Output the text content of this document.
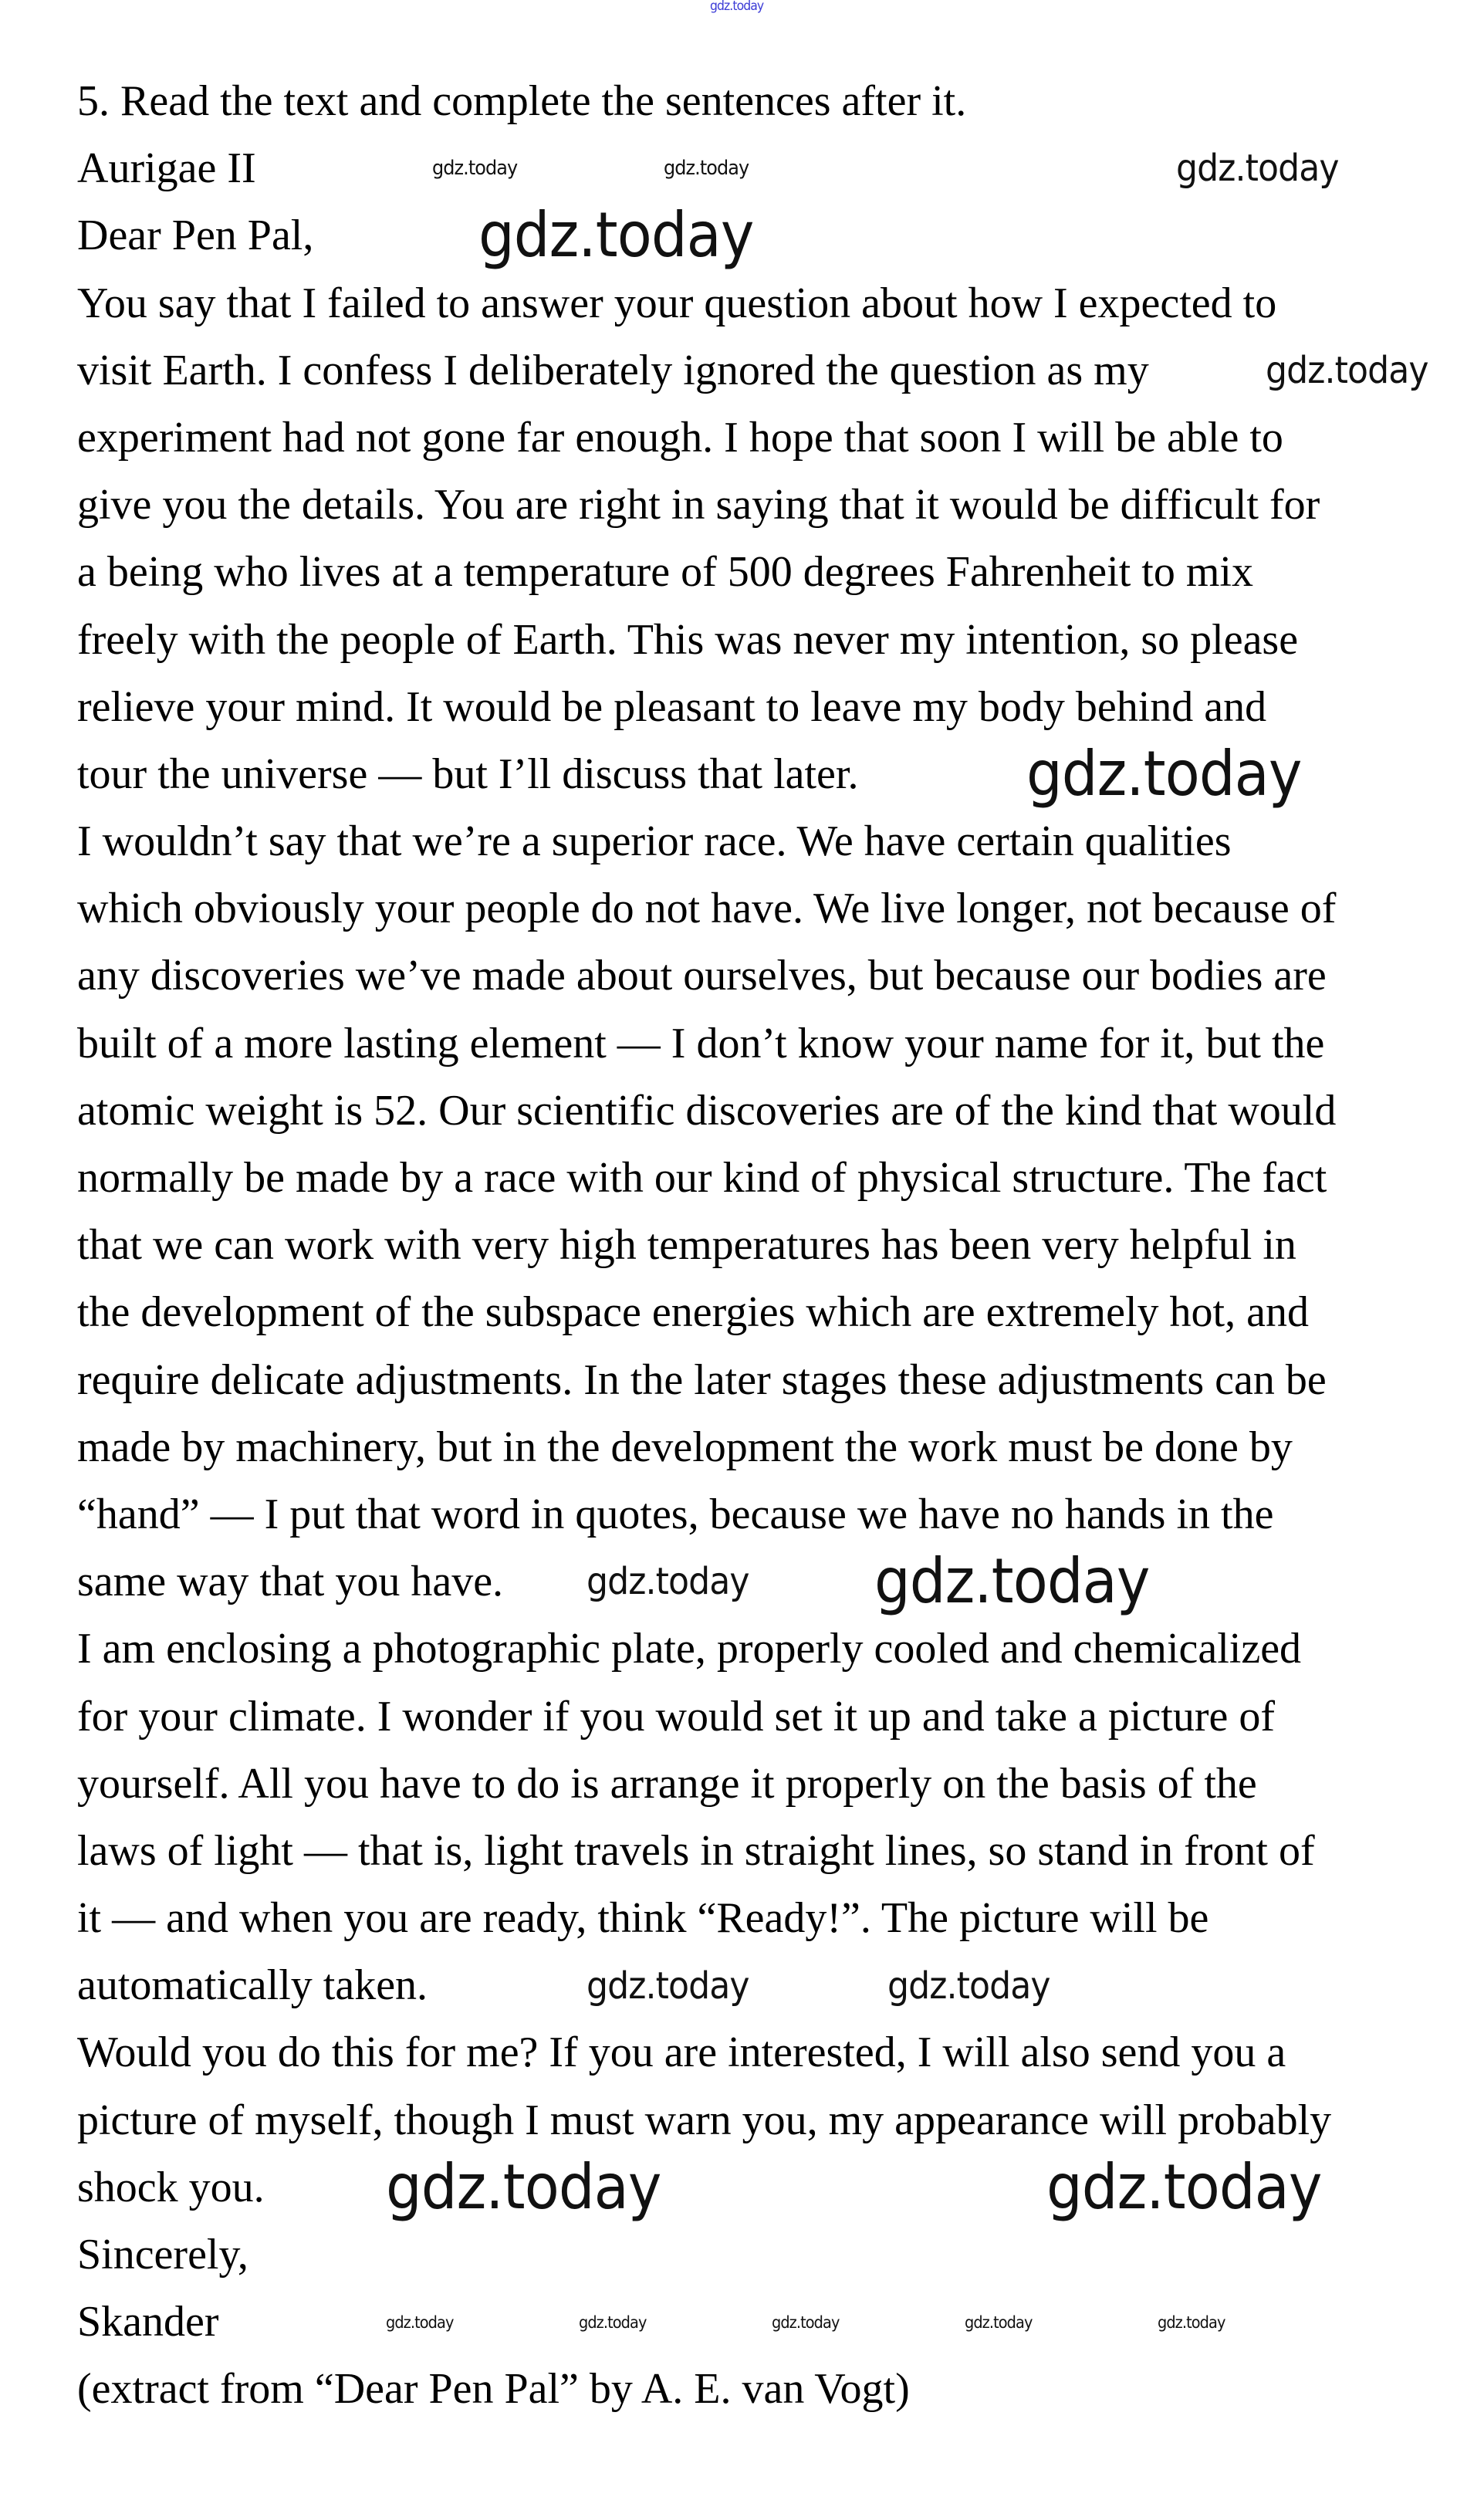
5. Read the text and complete the sentences after it.
Aurigae II
Dear Pen Pal,
You say that I failed to answer your question about how I expected to
visit Earth. I confess I deliberately ignored the question as my
experiment had not gone far enough. I hope that soon I will be able to
give you the details. You are right in saying that it would be difficult for
a being who lives at a temperature of 500 degrees Fahrenheit to mix
freely with the people of Earth. This was never my intention, so please
relieve your mind. It would be pleasant to leave my body behind and
tour the universe — but I’ll discuss that later.
I wouldn’t say that we’re a superior race. We have certain qualities
which obviously your people do not have. We live longer, not because of
any discoveries we’ve made about ourselves, but because our bodies are
built of a more lasting element — I don’t know your name for it, but the
atomic weight is 52. Our scientific discoveries are of the kind that would
normally be made by a race with our kind of physical structure. The fact
that we can work with very high temperatures has been very helpful in
the development of the subspace energies which are extremely hot, and
require delicate adjustments. In the later stages these adjustments can be
made by machinery, but in the development the work must be done by
“hand” — I put that word in quotes, because we have no hands in the
same way that you have.
I am enclosing a photographic plate, properly cooled and chemicalized
for your climate. I wonder if you would set it up and take a picture of
yourself. All you have to do is arrange it properly on the basis of the
laws of light — that is, light travels in straight lines, so stand in front of
it — and when you are ready, think “Ready!”. The picture will be
automatically taken.
Would you do this for me? If you are interested, I will also send you a
picture of myself, though I must warn you, my appearance will probably
shock you.
Sincerely,
Skander
(extract from “Dear Pen Pal” by A. E. van Vogt)
gdz.today
gdz.today	gdz.today	gdz.today
gdz.today
gdz.today
gdz.today
gdz.today gdz.today
gdz.today	gdz.today
gdz.today	gdz.today
gdz.today	gdz.today	gdz.today	gdz.today	gdz.today
